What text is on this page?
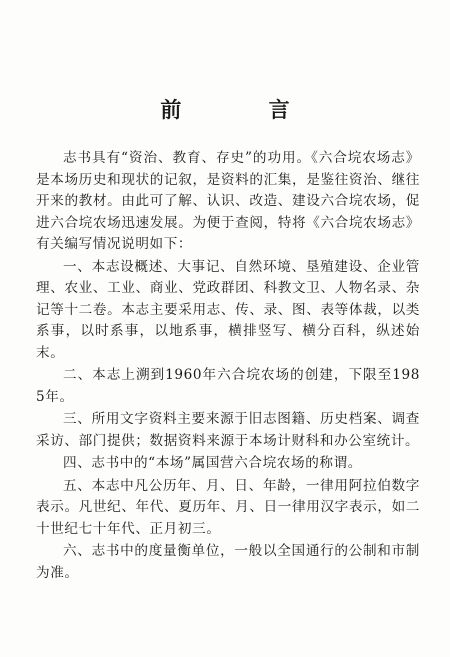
前 言

志书具有“资治、教育、存史”的功用。《六合垸农场志》是本场历史和现状的记叙，是资料的汇集，是鉴往资治、继往开来的教材。由此可了解、认识、改造、建设六合垸农场，促进六合垸农场迅速发展。为便于查阅，特将《六合垸农场志》有关编写情况说明如下：

一、本志设概述、大事记、自然环境、垦殖建设、企业管理、农业、工业、商业、党政群团、科教文卫、人物名录、杂记等十二卷。本志主要采用志、传、录、图、表等体裁，以类系事，以时系事，以地系事，横排竖写、横分百科，纵述始末。

二、本志上溯到1960年六合垸农场的创建，下限至1985年。

三、所用文字资料主要来源于旧志图籍、历史档案、调查采访、部门提供；数据资料来源于本场计财科和办公室统计。

四、志书中的“本场”属国营六合垸农场的称谓。

五、本志中凡公历年、月、日、年龄，一律用阿拉伯数字表示。凡世纪、年代、夏历年、月、日一律用汉字表示，如二十世纪七十年代、正月初三。

六、志书中的度量衡单位，一般以全国通行的公制和市制为准。
